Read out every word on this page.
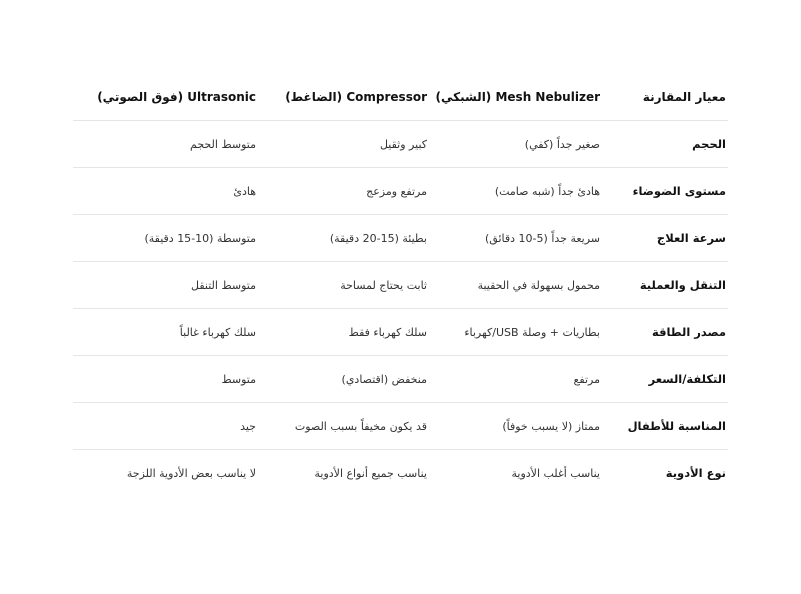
معيار المقارنة	Mesh Nebulizer (الشبكي)	Compressor (الضاغط)	Ultrasonic (فوق الصوتي)
الحجم	صغير جداً (كفي)	كبير وثقيل	متوسط الحجم
مستوى الضوضاء	هادئ جداً (شبه صامت)	مرتفع ومزعج	هادئ
سرعة العلاج	سريعة جداً (5-10 دقائق)	بطيئة (15-20 دقيقة)	متوسطة (10-15 دقيقة)
التنقل والعملية	محمول بسهولة في الحقيبة	ثابت يحتاج لمساحة	متوسط التنقل
مصدر الطاقة	بطاريات + وصلة USB/كهرباء	سلك كهرباء فقط	سلك كهرباء غالباً
التكلفة/السعر	مرتفع	منخفض (اقتصادي)	متوسط
المناسبة للأطفال	ممتاز (لا يسبب خوفاً)	قد يكون مخيفاً بسبب الصوت	جيد
نوع الأدوية	يناسب أغلب الأدوية	يناسب جميع أنواع الأدوية	لا يناسب بعض الأدوية اللزجة
